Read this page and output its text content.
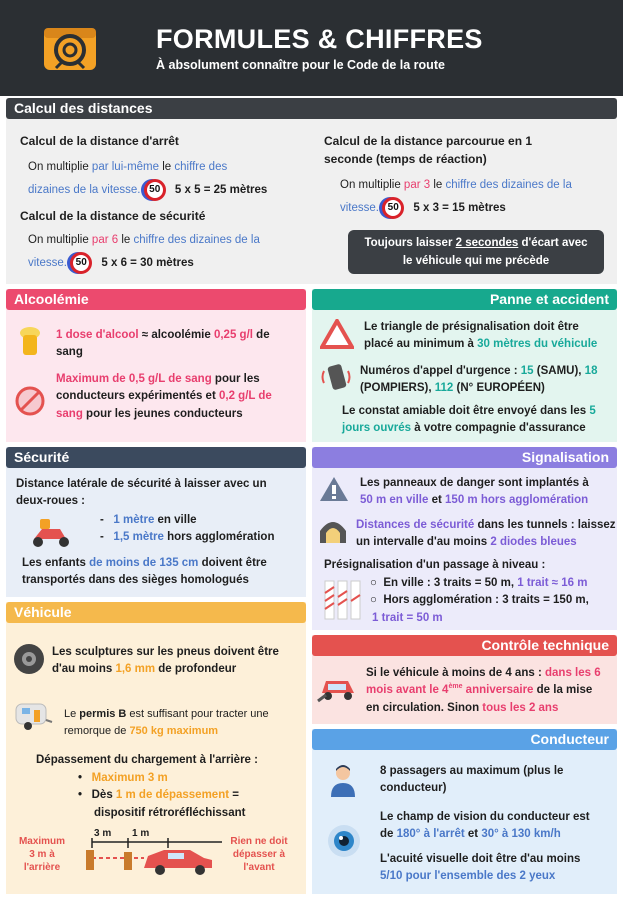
FORMULES & CHIFFRES
À absolument connaître pour le Code de la route
Calcul des distances
Calcul de la distance d'arrêt
On multiplie par lui-même le chiffre des
dizaines de la vitesse. 50 5 x 5 = 25 mètres
Calcul de la distance de sécurité
On multiplie par 6 le chiffre des dizaines de la
vitesse. 50 5 x 6 = 30 mètres
Calcul de la distance parcourue en 1
seconde (temps de réaction)
On multiplie par 3 le chiffre des dizaines de la
vitesse. 50 5 x 3 = 15 mètres
Toujours laisser 2 secondes d'écart avec
le véhicule qui me précède
Alcoolémie
1 dose d'alcool ≈ alcoolémie 0,25 g/l de
sang
Maximum de 0,5 g/L de sang pour les
conducteurs expérimentés et 0,2 g/L de
sang pour les jeunes conducteurs
Panne et accident
Le triangle de présignalisation doit être
placé au minimum à 30 mètres du véhicule
Numéros d'appel d'urgence : 15 (SAMU), 18
(POMPIERS), 112 (N° EUROPÉEN)
Le constat amiable doit être envoyé dans les 5
jours ouvrés à votre compagnie d'assurance
Sécurité
Distance latérale de sécurité à laisser avec un
deux-roues :
-   1 mètre en ville
-   1,5 mètre hors agglomération
Les enfants de moins de 135 cm doivent être
transportés dans des sièges homologués
Signalisation
Les panneaux de danger sont implantés à
50 m en ville et 150 m hors agglomération
Distances de sécurité dans les tunnels : laissez
un intervalle d'au moins 2 diodes bleues
Présignalisation d'un passage à niveau :
○  En ville : 3 traits = 50 m, 1 trait ≈ 16 m
○  Hors agglomération : 3 traits = 150 m,
1 trait = 50 m
Véhicule
Les sculptures sur les pneus doivent être
d'au moins 1,6 mm de profondeur
Le permis B est suffisant pour tracter une
remorque de 750 kg maximum
Dépassement du chargement à l'arrière :
•   Maximum 3 m
•   Dès 1 m de dépassement =
dispositif rétroréfléchissant
Maximum
3 m à
l'arrière
3 m 1 m
Rien ne doit
dépasser à
l'avant
Contrôle technique
Si le véhicule à moins de 4 ans : dans les 6
mois avant le 4ème anniversaire de la mise
en circulation. Sinon tous les 2 ans
Conducteur
8 passagers au maximum (plus le
conducteur)
Le champ de vision du conducteur est
de 180° à l'arrêt et 30° à 130 km/h
L'acuité visuelle doit être d'au moins
5/10 pour l'ensemble des 2 yeux
